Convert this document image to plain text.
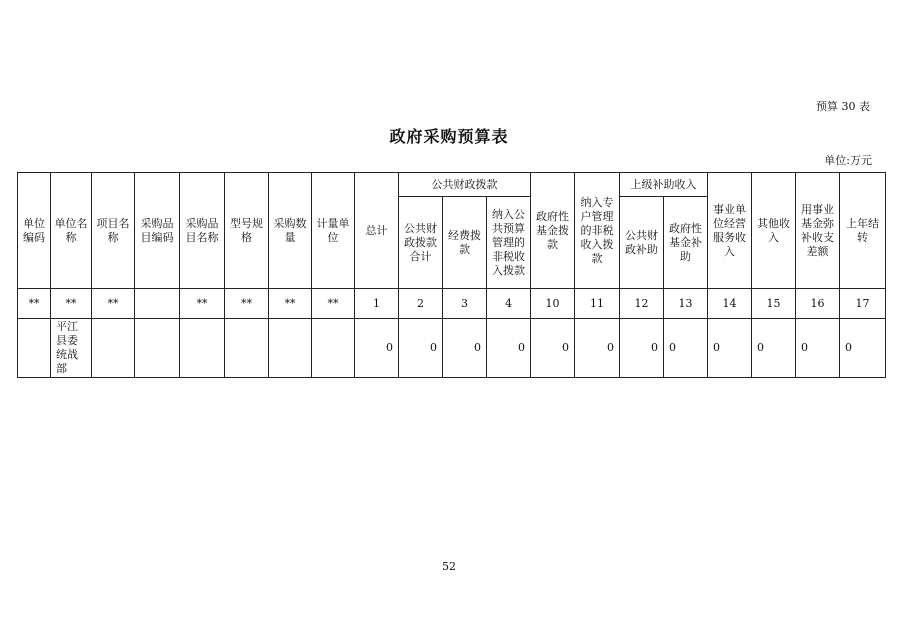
预算 30 表
政府采购预算表
单位:万元
单位编码	单位名称	项目名称	采购品目编码	采购品目名称	型号规格	采购数量	计量单位	总计	公共财政拨款			政府性基金拨款	纳入专户管理的非税收入拨款	上级补助收入		事业单位经营服务收入	其他收入	用事业基金弥补收支差额	上年结转
									公共财政拨款合计	经费拨款	纳入公共预算管理的非税收入拨款			公共财政补助	政府性基金补助				
**	**	**		**	**	**	**	1	2	3	4	10	11	12	13	14	15	16	17
	平江县委统战部							0	0	0	0	0	0	0	0	0	0	0	0
52
